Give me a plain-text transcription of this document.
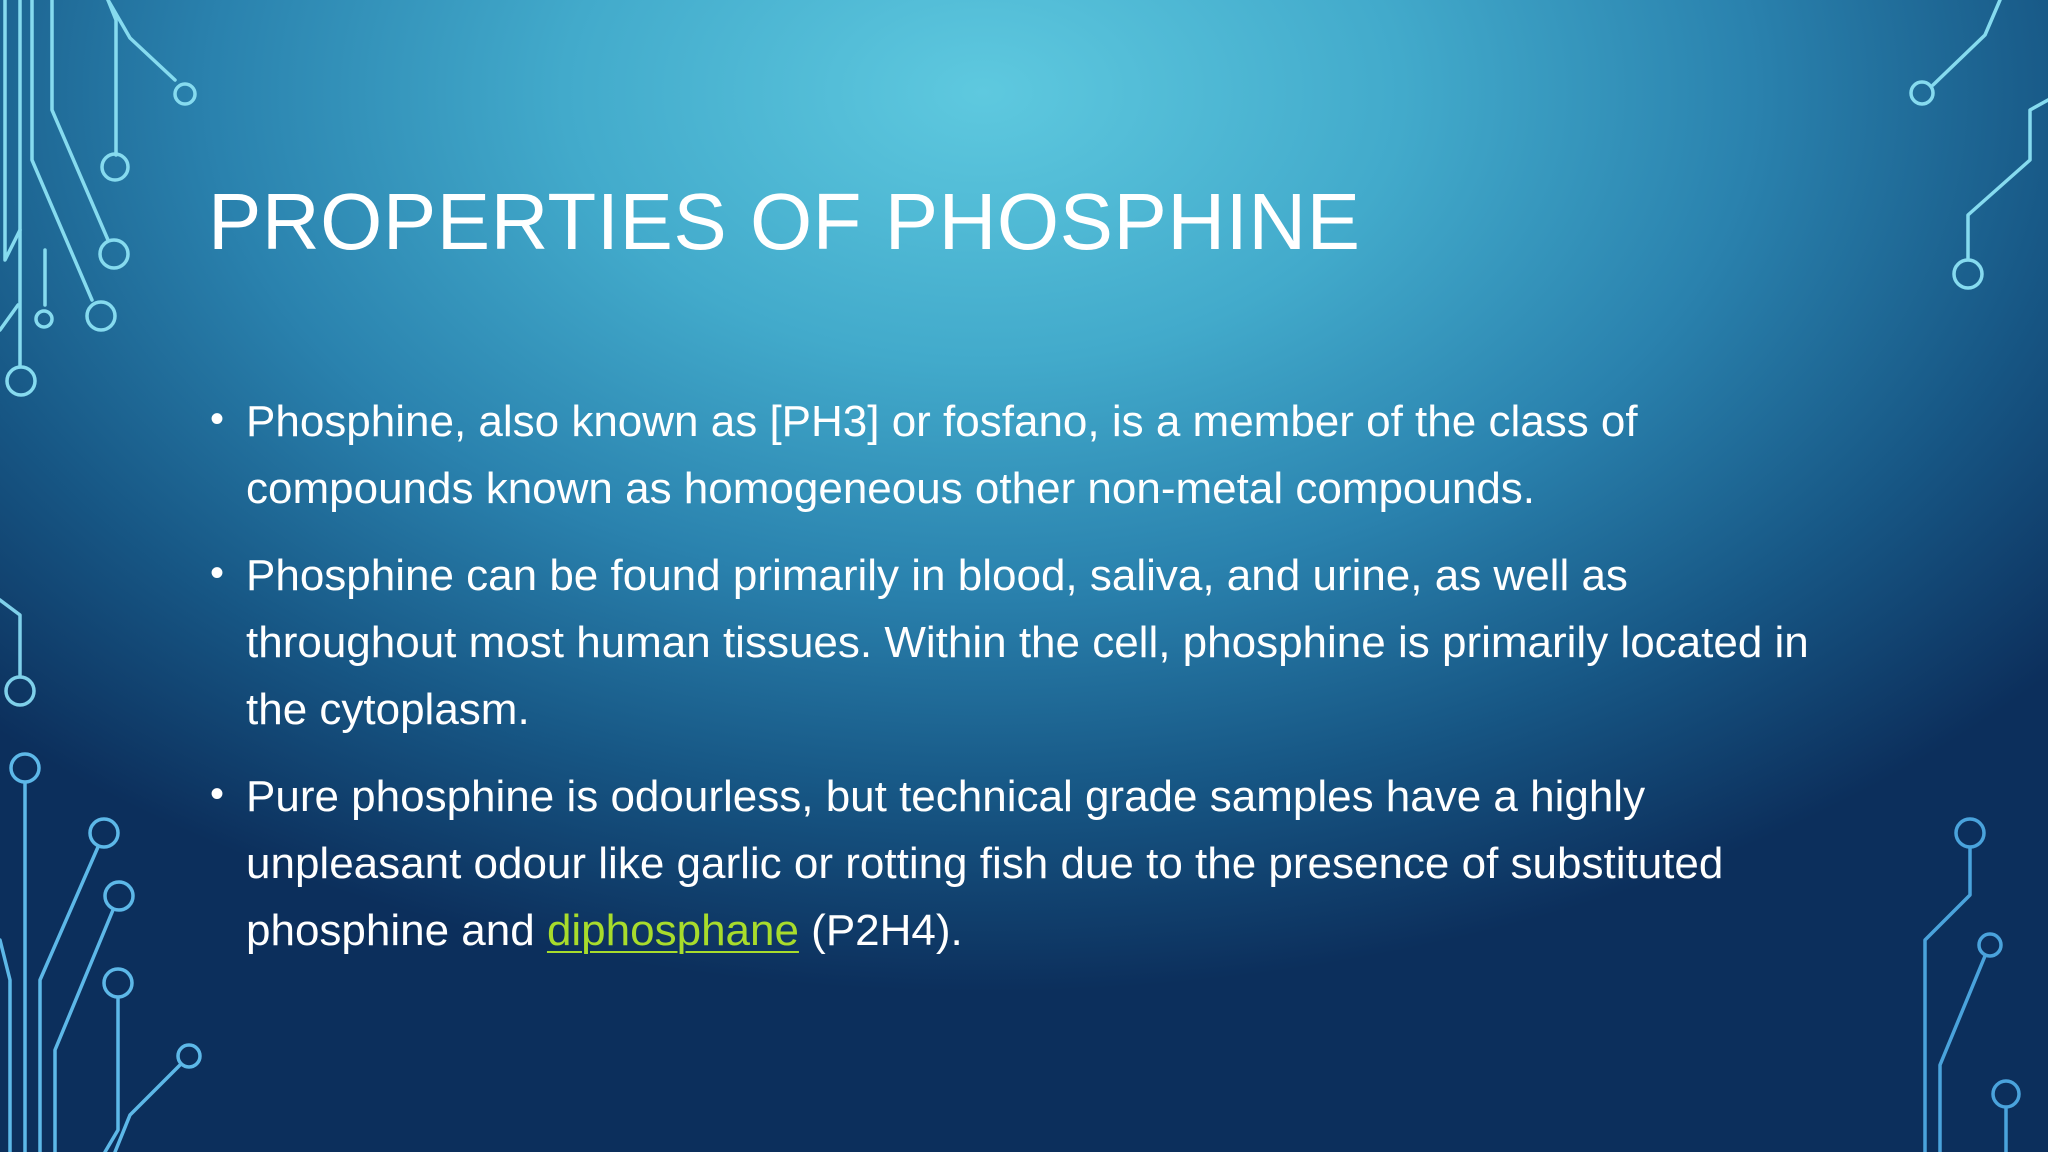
PROPERTIES OF PHOSPHINE
• Phosphine, also known as [PH3] or fosfano, is a member of the class of compounds known as homogeneous other non-metal compounds.
• Phosphine can be found primarily in blood, saliva, and urine, as well as throughout most human tissues. Within the cell, phosphine is primarily located in the cytoplasm.
• Pure phosphine is odourless, but technical grade samples have a highly unpleasant odour like garlic or rotting fish due to the presence of substituted phosphine and diphosphane (P2H4).
